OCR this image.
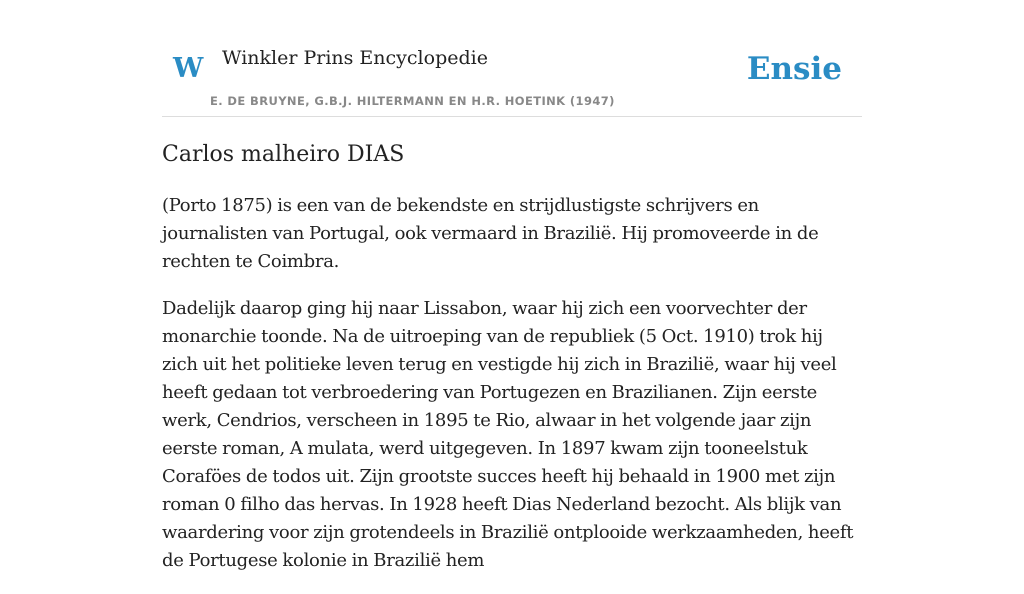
W Winkler Prins Encyclopedie
E. DE BRUYNE, G.B.J. HILTERMANN EN H.R. HOETINK (1947)
Ensie
Carlos malheiro DIAS

(Porto 1875) is een van de bekendste en strijdlustigste schrijvers en journalisten van Portugal, ook vermaard in Brazilië. Hij promoveerde in de rechten te Coimbra.

Dadelijk daarop ging hij naar Lissabon, waar hij zich een voorvechter der monarchie toonde. Na de uitroeping van de republiek (5 Oct. 1910) trok hij zich uit het politieke leven terug en vestigde hij zich in Brazilië, waar hij veel heeft gedaan tot verbroedering van Portugezen en Brazilianen. Zijn eerste werk, Cendrios, verscheen in 1895 te Rio, alwaar in het volgende jaar zijn eerste roman, A mulata, werd uitgegeven. In 1897 kwam zijn tooneelstuk Coraföes de todos uit. Zijn grootste succes heeft hij behaald in 1900 met zijn roman 0 filho das hervas. In 1928 heeft Dias Nederland bezocht. Als blijk van waardering voor zijn grotendeels in Brazilië ontplooide werkzaamheden, heeft de Portugese kolonie in Brazilië hem
